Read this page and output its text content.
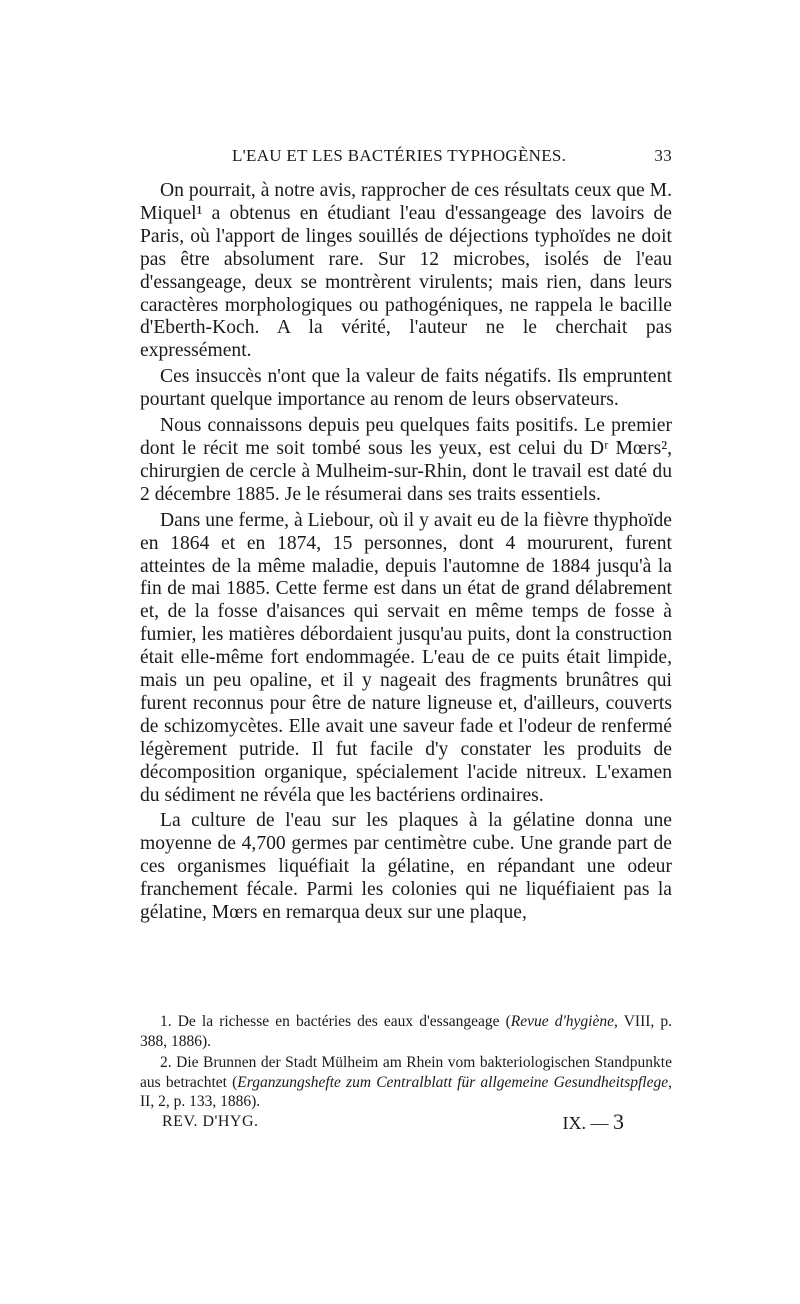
L'EAU ET LES BACTÉRIES TYPHOGÈNES.	33

On pourrait, à notre avis, rapprocher de ces résultats ceux que M. Miquel¹ a obtenus en étudiant l'eau d'essangeage des lavoirs de Paris, où l'apport de linges souillés de déjections typhoïdes ne doit pas être absolument rare. Sur 12 microbes, isolés de l'eau d'essangeage, deux se montrèrent virulents; mais rien, dans leurs caractères morphologiques ou pathogéniques, ne rappela le bacille d'Eberth-Koch. A la vérité, l'auteur ne le cherchait pas expressément.

Ces insuccès n'ont que la valeur de faits négatifs. Ils empruntent pourtant quelque importance au renom de leurs observateurs.

Nous connaissons depuis peu quelques faits positifs. Le premier dont le récit me soit tombé sous les yeux, est celui du Dʳ Mœrs², chirurgien de cercle à Mulheim-sur-Rhin, dont le travail est daté du 2 décembre 1885. Je le résumerai dans ses traits essentiels.

Dans une ferme, à Liebour, où il y avait eu de la fièvre thyphoïde en 1864 et en 1874, 15 personnes, dont 4 moururent, furent atteintes de la même maladie, depuis l'automne de 1884 jusqu'à la fin de mai 1885. Cette ferme est dans un état de grand délabrement et, de la fosse d'aisances qui servait en même temps de fosse à fumier, les matières débordaient jusqu'au puits, dont la construction était elle-même fort endommagée. L'eau de ce puits était limpide, mais un peu opaline, et il y nageait des fragments brunâtres qui furent reconnus pour être de nature ligneuse et, d'ailleurs, couverts de schizomycètes. Elle avait une saveur fade et l'odeur de renfermé légèrement putride. Il fut facile d'y constater les produits de décomposition organique, spécialement l'acide nitreux. L'examen du sédiment ne révéla que les bactériens ordinaires.

La culture de l'eau sur les plaques à la gélatine donna une moyenne de 4,700 germes par centimètre cube. Une grande part de ces organismes liquéfiait la gélatine, en répandant une odeur franchement fécale. Parmi les colonies qui ne liquéfiaient pas la gélatine, Mœrs en remarqua deux sur une plaque,

1. De la richesse en bactéries des eaux d'essangeage (Revue d'hygiène, VIII, p. 388, 1886).

2. Die Brunnen der Stadt Mülheim am Rhein vom bakteriologischen Standpunkte aus betrachtet (Erganzungshefte zum Centralblatt für allgemeine Gesundheitspflege, II, 2, p. 133, 1886).

REV. D'HYG.	IX. — 3
